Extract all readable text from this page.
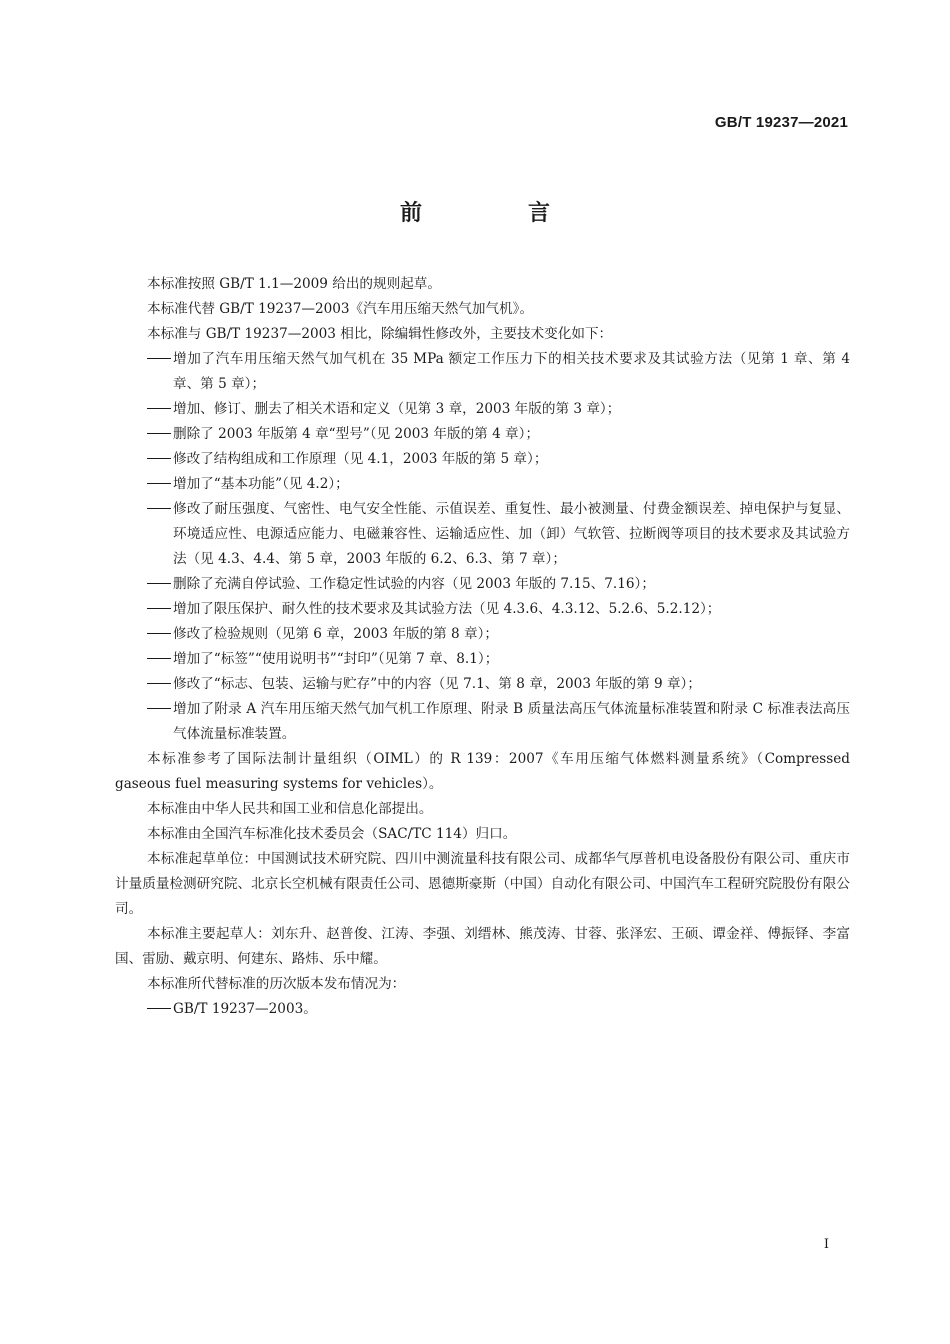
GB/T 19237—2021
前　言

本标准按照 GB/T 1.1—2009 给出的规则起草。

本标准代替 GB/T 19237—2003《汽车用压缩天然气加气机》。

本标准与 GB/T 19237—2003 相比，除编辑性修改外，主要技术变化如下：

增加了汽车用压缩天然气加气机在 35 MPa 额定工作压力下的相关技术要求及其试验方法（见第 1 章、第 4 章、第 5 章）；
增加、修订、删去了相关术语和定义（见第 3 章，2003 年版的第 3 章）；
删除了 2003 年版第 4 章“型号”（见 2003 年版的第 4 章）；
修改了结构组成和工作原理（见 4.1，2003 年版的第 5 章）；
增加了“基本功能”（见 4.2）；
修改了耐压强度、气密性、电气安全性能、示值误差、重复性、最小被测量、付费金额误差、掉电保护与复显、环境适应性、电源适应能力、电磁兼容性、运输适应性、加（卸）气软管、拉断阀等项目的技术要求及其试验方法（见 4.3、4.4、第 5 章，2003 年版的 6.2、6.3、第 7 章）；
删除了充满自停试验、工作稳定性试验的内容（见 2003 年版的 7.15、7.16）；
增加了限压保护、耐久性的技术要求及其试验方法（见 4.3.6、4.3.12、5.2.6、5.2.12）；
修改了检验规则（见第 6 章，2003 年版的第 8 章）；
增加了“标签”“使用说明书”“封印”（见第 7 章、8.1）；
修改了“标志、包装、运输与贮存”中的内容（见 7.1、第 8 章，2003 年版的第 9 章）；
增加了附录 A 汽车用压缩天然气加气机工作原理、附录 B 质量法高压气体流量标准装置和附录 C 标准表法高压气体流量标准装置。

本标准参考了国际法制计量组织（OIML）的 R 139：2007《车用压缩气体燃料测量系统》（Compressed gaseous fuel measuring systems for vehicles）。

本标准由中华人民共和国工业和信息化部提出。

本标准由全国汽车标准化技术委员会（SAC/TC 114）归口。

本标准起草单位：中国测试技术研究院、四川中测流量科技有限公司、成都华气厚普机电设备股份有限公司、重庆市计量质量检测研究院、北京长空机械有限责任公司、恩德斯豪斯（中国）自动化有限公司、中国汽车工程研究院股份有限公司。

本标准主要起草人：刘东升、赵普俊、江涛、李强、刘缙林、熊茂涛、甘蓉、张泽宏、王硕、谭金祥、傅振铎、李富国、雷励、戴京明、何建东、路炜、乐中耀。

本标准所代替标准的历次版本发布情况为：

GB/T 19237—2003。
Ⅰ
